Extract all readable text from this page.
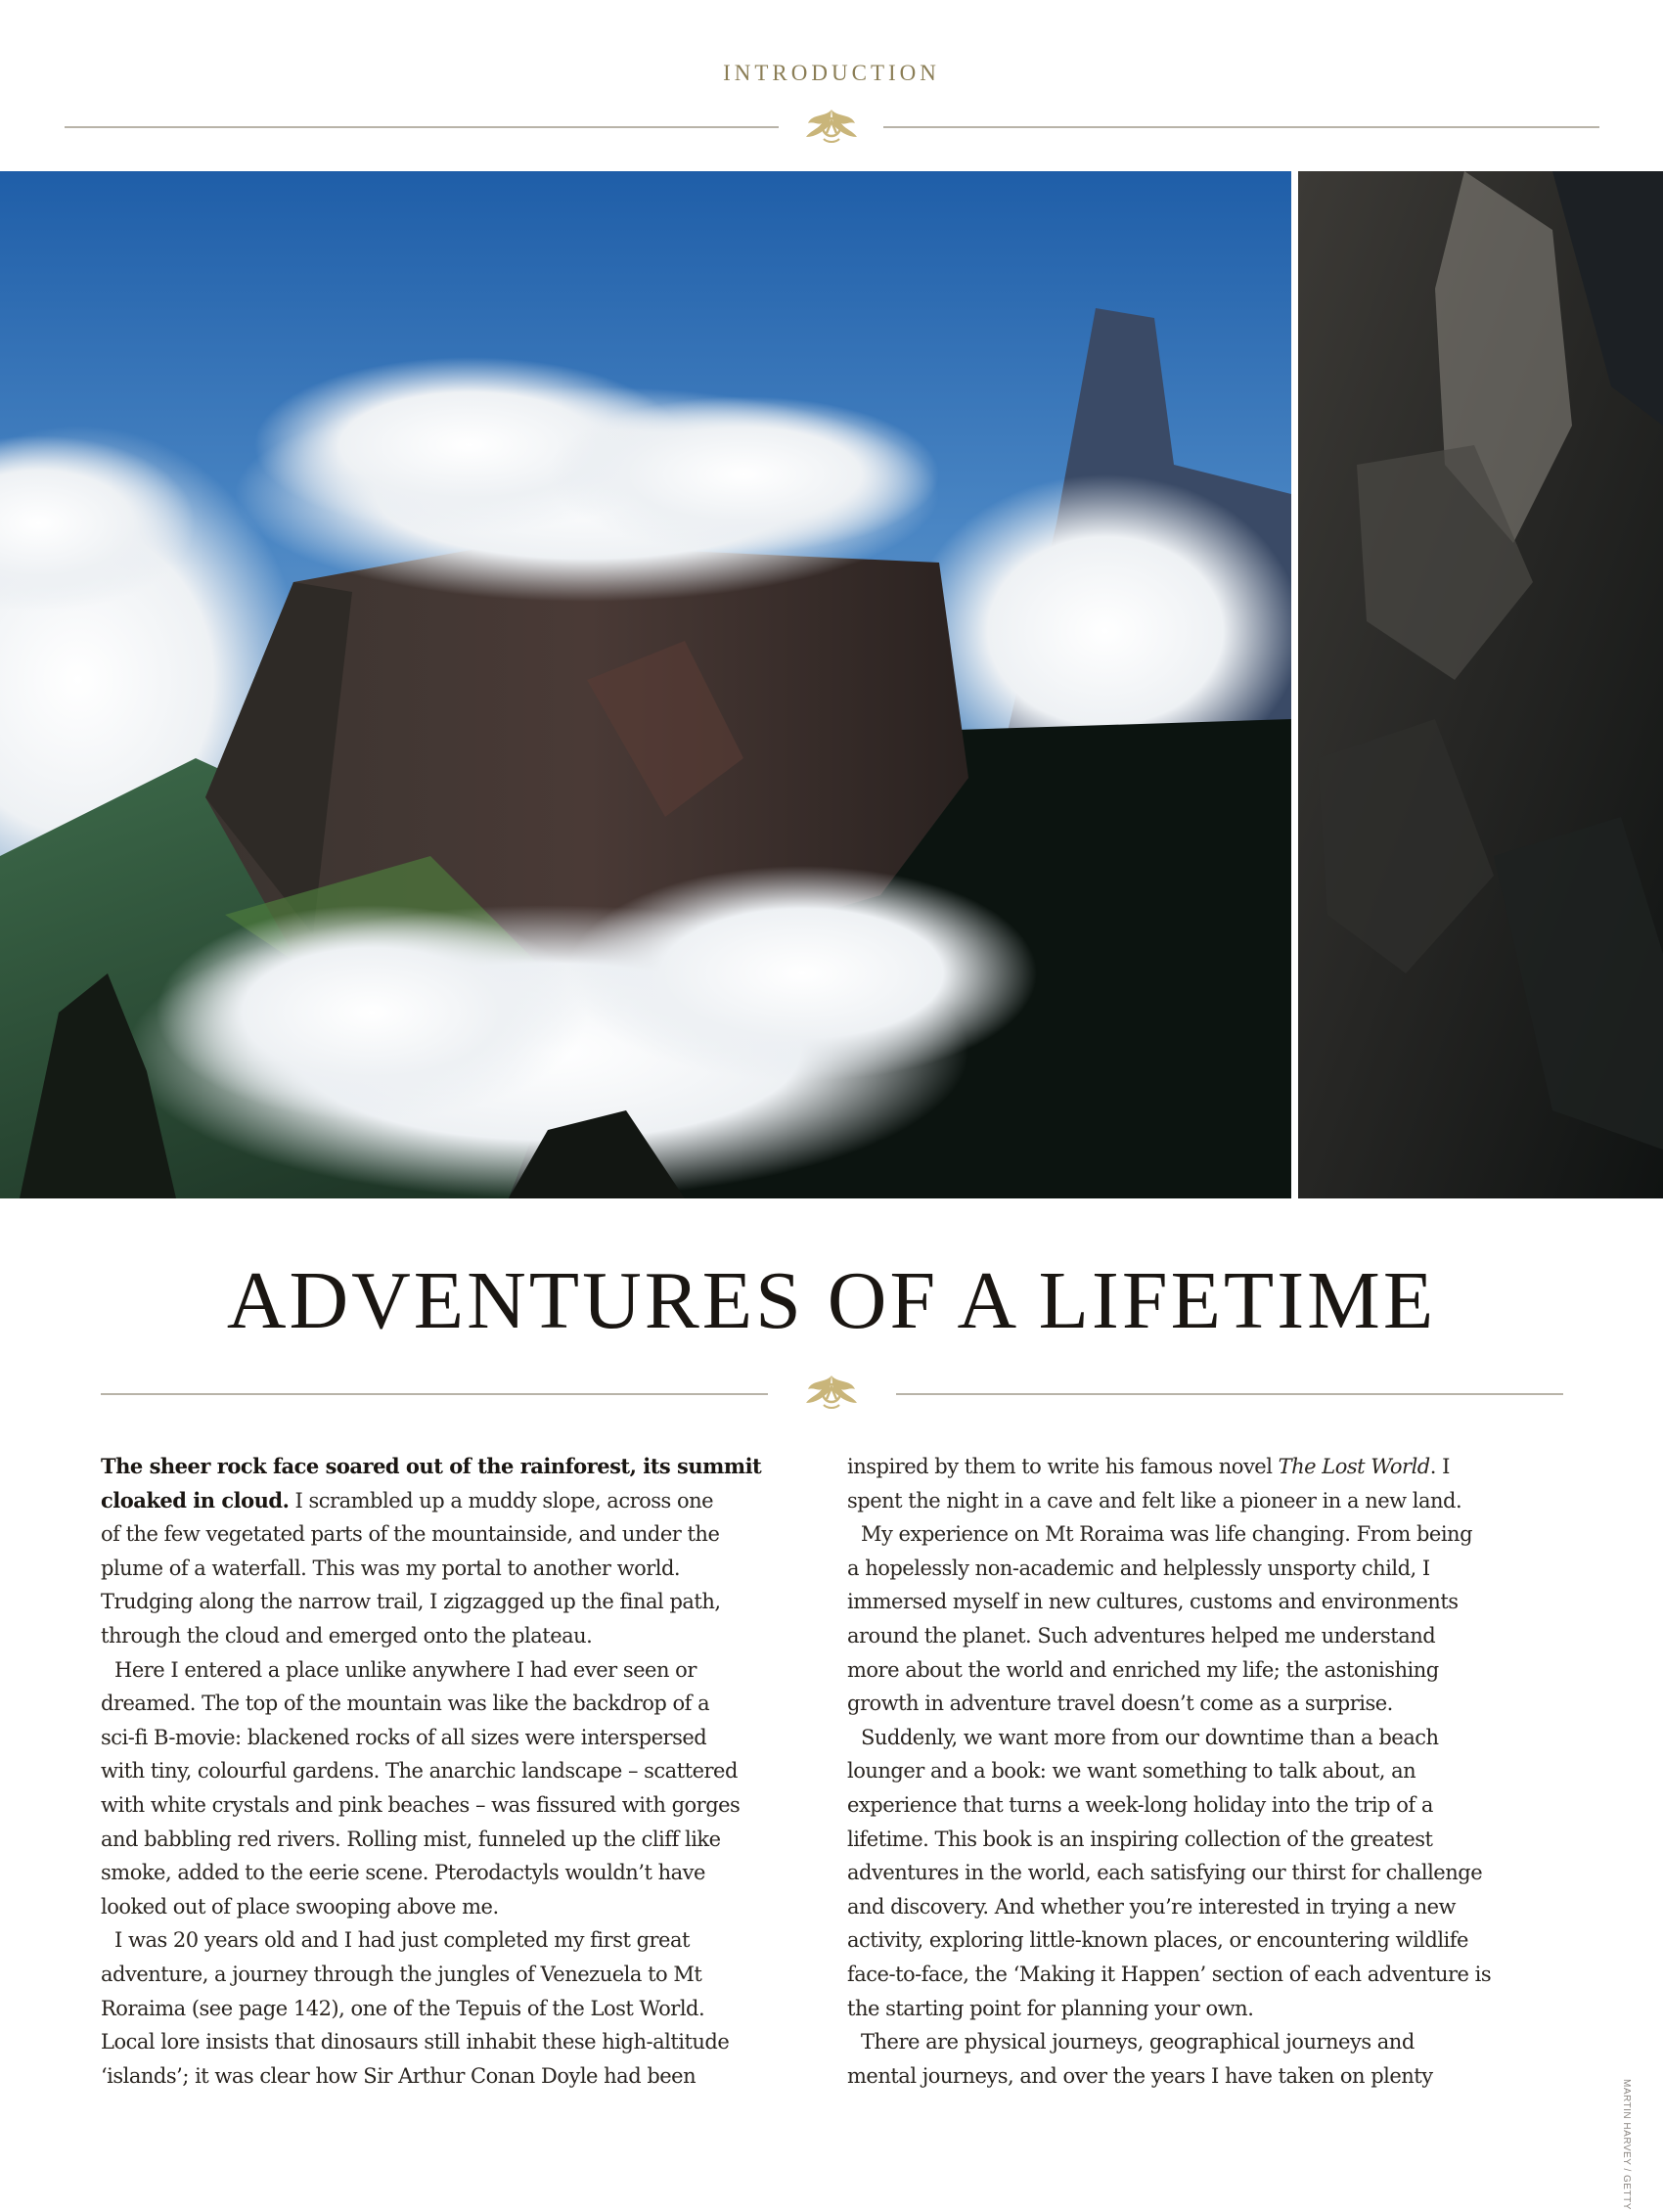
INTRODUCTION
ADVENTURES OF A LIFETIME
The sheer rock face soared out of the rainforest, its summit
cloaked in cloud. I scrambled up a muddy slope, across one
of the few vegetated parts of the mountainside, and under the
plume of a waterfall. This was my portal to another world.
Trudging along the narrow trail, I zigzagged up the final path,
through the cloud and emerged onto the plateau.
Here I entered a place unlike anywhere I had ever seen or
dreamed. The top of the mountain was like the backdrop of a
sci-fi B-movie: blackened rocks of all sizes were interspersed
with tiny, colourful gardens. The anarchic landscape – scattered
with white crystals and pink beaches – was fissured with gorges
and babbling red rivers. Rolling mist, funneled up the cliff like
smoke, added to the eerie scene. Pterodactyls wouldn’t have
looked out of place swooping above me.
I was 20 years old and I had just completed my first great
adventure, a journey through the jungles of Venezuela to Mt
Roraima (see page 142), one of the Tepuis of the Lost World.
Local lore insists that dinosaurs still inhabit these high-altitude
‘islands’; it was clear how Sir Arthur Conan Doyle had been
inspired by them to write his famous novel The Lost World. I
spent the night in a cave and felt like a pioneer in a new land.
My experience on Mt Roraima was life changing. From being
a hopelessly non-academic and helplessly unsporty child, I
immersed myself in new cultures, customs and environments
around the planet. Such adventures helped me understand
more about the world and enriched my life; the astonishing
growth in adventure travel doesn’t come as a surprise.
Suddenly, we want more from our downtime than a beach
lounger and a book: we want something to talk about, an
experience that turns a week-long holiday into the trip of a
lifetime. This book is an inspiring collection of the greatest
adventures in the world, each satisfying our thirst for challenge
and discovery. And whether you’re interested in trying a new
activity, exploring little-known places, or encountering wildlife
face-to-face, the ‘Making it Happen’ section of each adventure is
the starting point for planning your own.
There are physical journeys, geographical journeys and
mental journeys, and over the years I have taken on plenty
MARTIN HARVEY / GETTY
